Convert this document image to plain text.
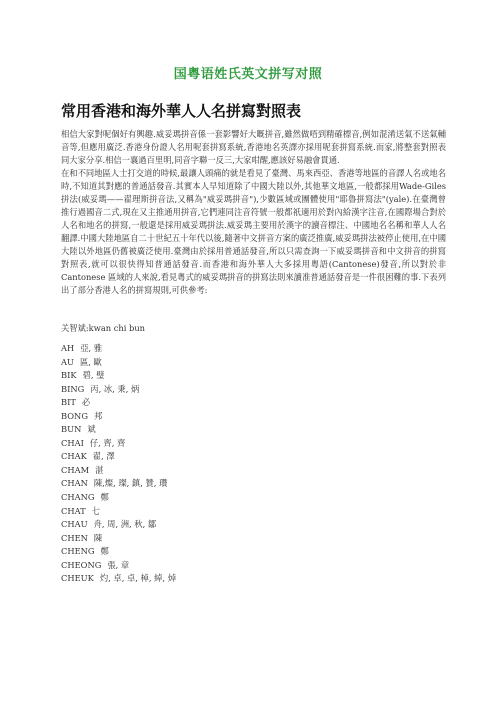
国粤语姓氏英文拼写对照
常用香港和海外華人人名拼寫對照表

相信大家對呢個好有興趣.威妥瑪拼音係一套影響好大嘅拼音,雖然做唔到精確標音,例如混淆送氣不送氣輔音等,但應用廣泛.香港身份證人名用呢套拼寫系統,香港地名英譯亦採用呢套拼寫系統.而家,將整套對照表同大家分享.相信一襄過百里明,同音字聯一反三,大家咁醒,應該好易融會貫通.

在和不同地區人士打交道的時候,最讓人頭痛的就是看見了臺灣、馬來西亞、香港等地區的音譯人名或地名時,不知道其對應的普通話發音.其實本人早知道除了中國大陸以外,其他華文地區,一般都採用Wade-Giles 拼法(威妥瑪——翟理斯拼音法,又稱為"威妥瑪拼音"),少數區域或團體使用"耶魯拼寫法"(yale).在臺灣曾推行過國音二式,現在又主推通用拼音,它們連同注音符號一般都祇適用於對內給漢字注音,在國際場合對於人名和地名的拼寫,一般還是採用威妥瑪拼法.威妥瑪主要用於漢字的讀音標注、中國地名名稱和華人人名翻譯.中國大陸地區自二十世紀五十年代以後,隨著中文拼音方案的廣泛推廣,威妥瑪拼法被停止使用,在中國大陸以外地區仍舊被廣泛使用.臺灣由於採用普通話發音,所以只需查詢一下威妥瑪拼音和中文拼音的拼寫對照表,就可以很快得知普通話發音.而香港和海外華人大多採用粵語(Cantonese)發音,所以對於非 Cantonese 區域的人來說,看見粵式的威妥瑪拼音的拼寫法則來讀准普通話發音是一件很困難的事.下表列出了部分香港人名的拼寫規則,可供參考:

关智斌:kwan chi bun
AH 亞, 雅
AU 區, 歐
BIK 碧, 璧
BING 丙, 冰, 秉, 炳
BIT 必
BONG 邦
BUN 斌
CHAI 仔, 齊, 齊
CHAK 翟, 澤
CHAM 湛
CHAN 陳,燦, 璨, 鎮, 贊, 瓚
CHANG 鄭
CHAT 七
CHAU 舟, 周, 洲, 秋, 鄒
CHEN 陳
CHENG 鄭
CHEONG 張, 章
CHEUK 灼, 卓, 卓, 棹, 綽, 焯
